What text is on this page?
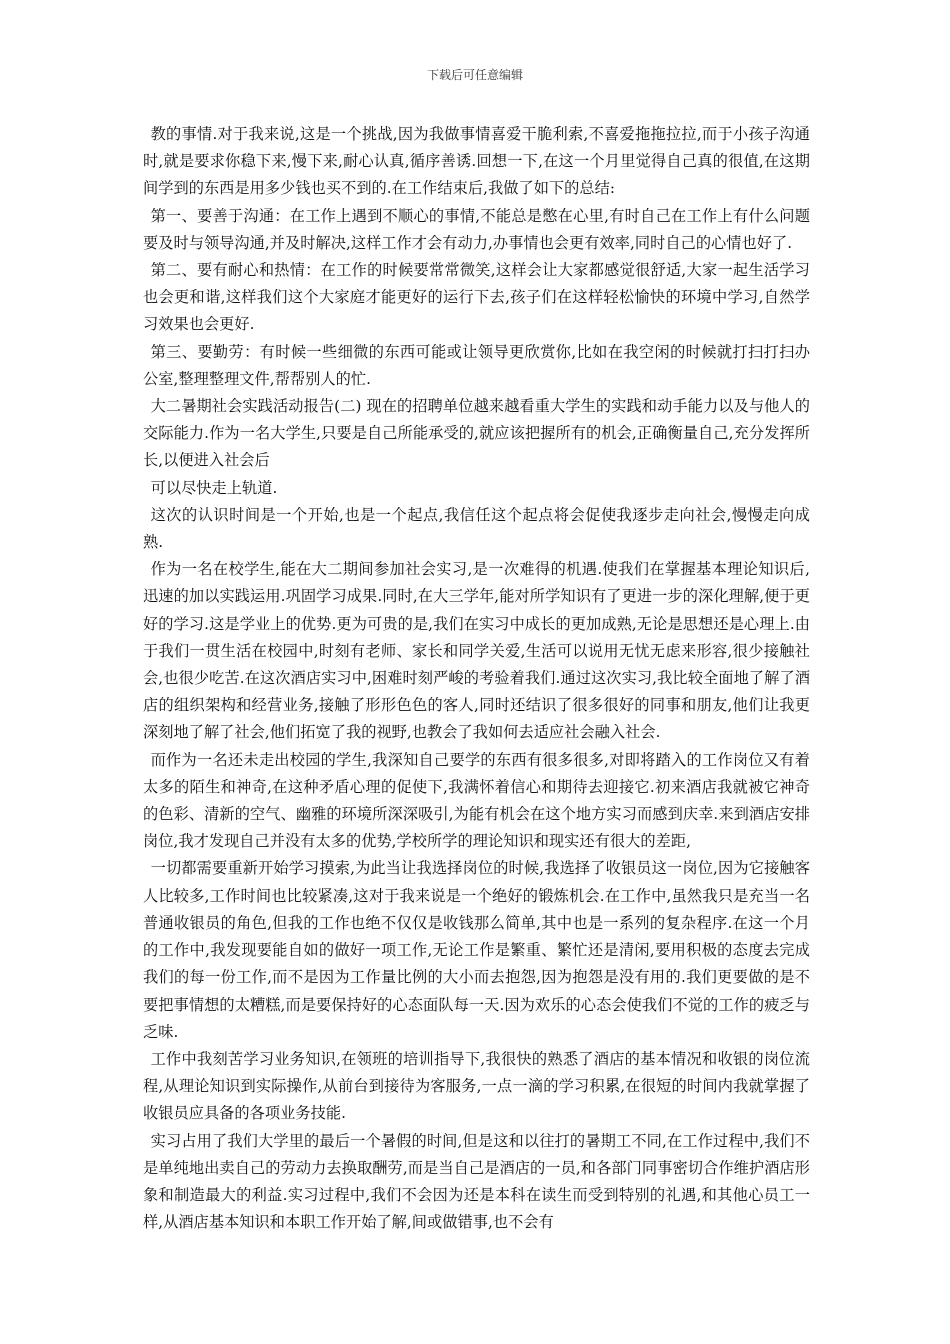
下载后可任意编辑

教的事情.对于我来说,这是一个挑战,因为我做事情喜爱干脆利索,不喜爱拖拖拉拉,而于小孩子沟通时,就是要求你稳下来,慢下来,耐心认真,循序善诱.回想一下,在这一个月里觉得自己真的很值,在这期间学到的东西是用多少钱也买不到的.在工作结束后,我做了如下的总结:

第一、要善于沟通：在工作上遇到不顺心的事情,不能总是憋在心里,有时自己在工作上有什么问题要及时与领导沟通,并及时解决,这样工作才会有动力,办事情也会更有效率,同时自己的心情也好了.

第二、要有耐心和热情：在工作的时候要常常微笑,这样会让大家都感觉很舒适,大家一起生活学习也会更和谐,这样我们这个大家庭才能更好的运行下去,孩子们在这样轻松愉快的环境中学习,自然学习效果也会更好.

第三、要勤劳：有时候一些细微的东西可能或让领导更欣赏你,比如在我空闲的时候就打扫打扫办公室,整理整理文件,帮帮别人的忙.

大二暑期社会实践活动报告(二) 现在的招聘单位越来越看重大学生的实践和动手能力以及与他人的交际能力.作为一名大学生,只要是自己所能承受的,就应该把握所有的机会,正确衡量自己,充分发挥所长,以便进入社会后

可以尽快走上轨道.

这次的认识时间是一个开始,也是一个起点,我信任这个起点将会促使我逐步走向社会,慢慢走向成熟.

作为一名在校学生,能在大二期间参加社会实习,是一次难得的机遇.使我们在掌握基本理论知识后,迅速的加以实践运用.巩固学习成果.同时,在大三学年,能对所学知识有了更进一步的深化理解,便于更好的学习.这是学业上的优势.更为可贵的是,我们在实习中成长的更加成熟,无论是思想还是心理上.由于我们一贯生活在校园中,时刻有老师、家长和同学关爱,生活可以说用无忧无虑来形容,很少接触社会,也很少吃苦.在这次酒店实习中,困难时刻严峻的考验着我们.通过这次实习,我比较全面地了解了酒店的组织架构和经营业务,接触了形形色色的客人,同时还结识了很多很好的同事和朋友,他们让我更深刻地了解了社会,他们拓宽了我的视野,也教会了我如何去适应社会融入社会.

而作为一名还未走出校园的学生,我深知自己要学的东西有很多很多,对即将踏入的工作岗位又有着太多的陌生和神奇,在这种矛盾心理的促使下,我满怀着信心和期待去迎接它.初来酒店我就被它神奇的色彩、清新的空气、幽雅的环境所深深吸引,为能有机会在这个地方实习而感到庆幸.来到酒店安排岗位,我才发现自己并没有太多的优势,学校所学的理论知识和现实还有很大的差距,

一切都需要重新开始学习摸索,为此当让我选择岗位的时候,我选择了收银员这一岗位,因为它接触客人比较多,工作时间也比较紧凑,这对于我来说是一个绝好的锻炼机会.在工作中,虽然我只是充当一名普通收银员的角色,但我的工作也绝不仅仅是收钱那么简单,其中也是一系列的复杂程序.在这一个月的工作中,我发现要能自如的做好一项工作,无论工作是繁重、繁忙还是清闲,要用积极的态度去完成我们的每一份工作,而不是因为工作量比例的大小而去抱怨,因为抱怨是没有用的.我们更要做的是不要把事情想的太糟糕,而是要保持好的心态面队每一天.因为欢乐的心态会使我们不觉的工作的疲乏与乏味.

工作中我刻苦学习业务知识,在领班的培训指导下,我很快的熟悉了酒店的基本情况和收银的岗位流程,从理论知识到实际操作,从前台到接待为客服务,一点一滴的学习积累,在很短的时间内我就掌握了收银员应具备的各项业务技能.

实习占用了我们大学里的最后一个暑假的时间,但是这和以往打的暑期工不同,在工作过程中,我们不是单纯地出卖自己的劳动力去换取酬劳,而是当自己是酒店的一员,和各部门同事密切合作维护酒店形象和制造最大的利益.实习过程中,我们不会因为还是本科在读生而受到特别的礼遇,和其他心员工一样,从酒店基本知识和本职工作开始了解,间或做错事,也不会有
